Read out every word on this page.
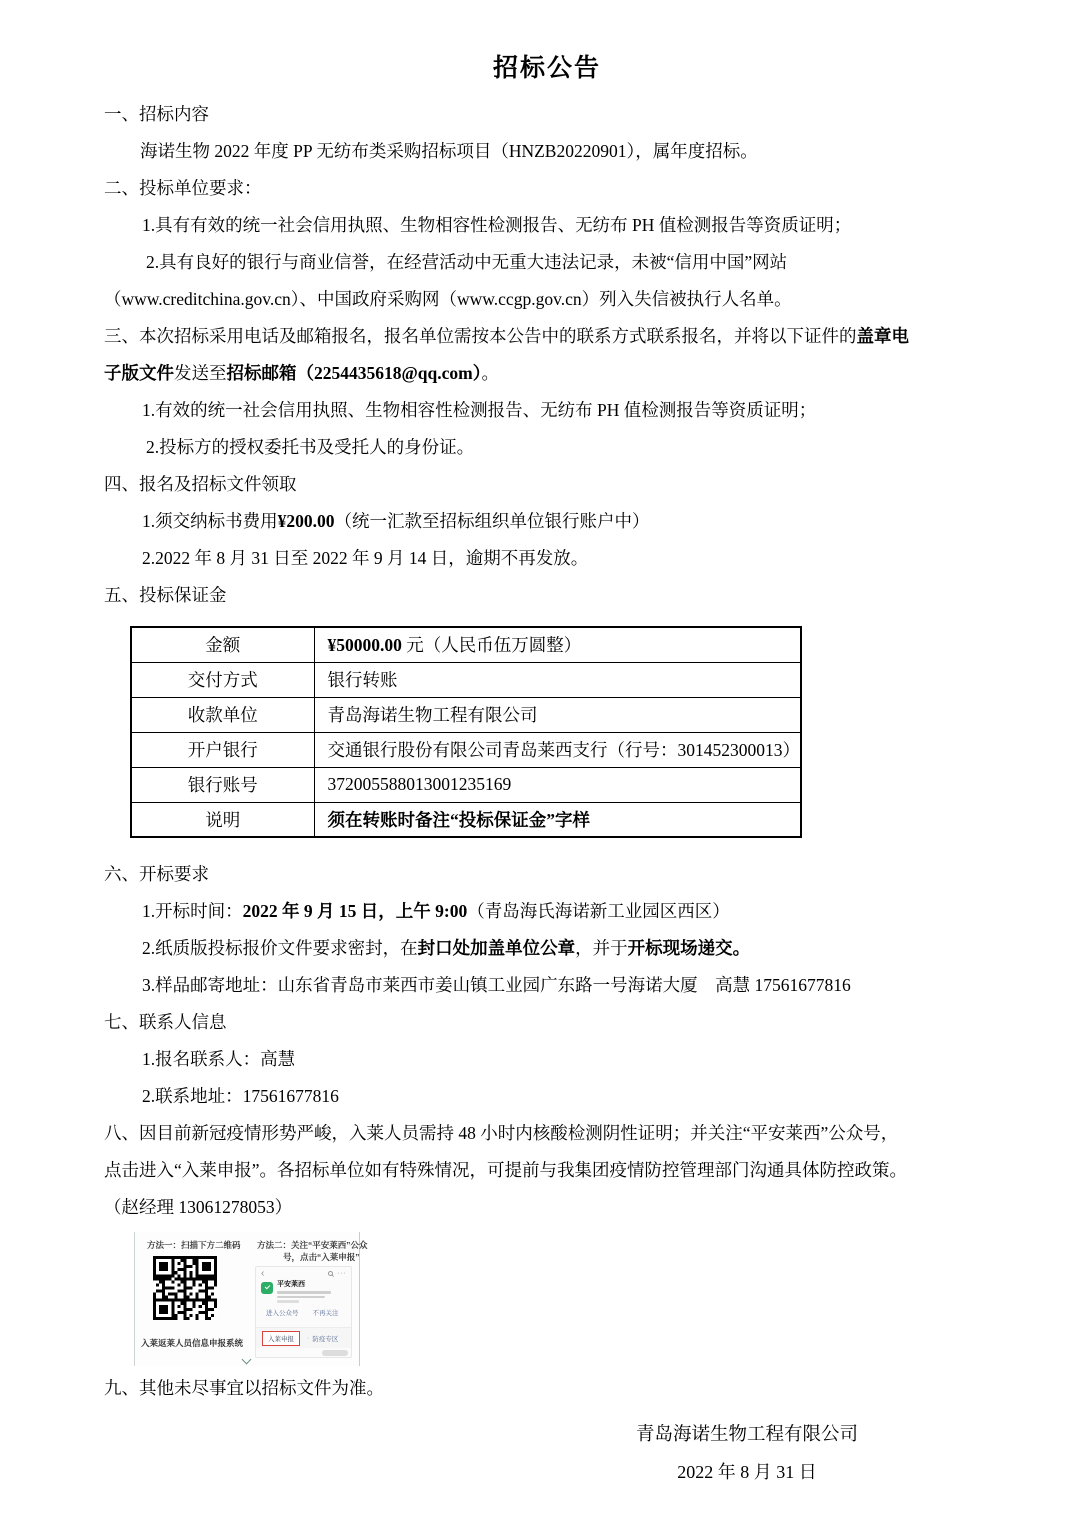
招标公告
一、招标内容
海诺生物 2022 年度 PP 无纺布类采购招标项目（HNZB20220901），属年度招标。
二、投标单位要求：
1.具有有效的统一社会信用执照、生物相容性检测报告、无纺布 PH 值检测报告等资质证明；
2.具有良好的银行与商业信誉，在经营活动中无重大违法记录，未被“信用中国”网站
（www.creditchina.gov.cn）、中国政府采购网（www.ccgp.gov.cn）列入失信被执行人名单。
三、本次招标采用电话及邮箱报名，报名单位需按本公告中的联系方式联系报名，并将以下证件的盖章电
子版文件发送至招标邮箱（2254435618@qq.com）。
1.有效的统一社会信用执照、生物相容性检测报告、无纺布 PH 值检测报告等资质证明；
2.投标方的授权委托书及受托人的身份证。
四、报名及招标文件领取
1.须交纳标书费用¥200.00（统一汇款至招标组织单位银行账户中）
2.2022 年 8 月 31 日至 2022 年 9 月 14 日，逾期不再发放。
五、投标保证金
金额	¥50000.00 元（人民币伍万圆整）
交付方式	银行转账
收款单位	青岛海诺生物工程有限公司
开户银行	交通银行股份有限公司青岛莱西支行（行号：301452300013）
银行账号	372005588013001235169
说明	须在转账时备注“投标保证金”字样
六、开标要求
1.开标时间：2022 年 9 月 15 日，上午 9:00（青岛海氏海诺新工业园区西区）
2.纸质版投标报价文件要求密封，在封口处加盖单位公章，并于开标现场递交。
3.样品邮寄地址：山东省青岛市莱西市姜山镇工业园广东路一号海诺大厦　高慧 17561677816
七、联系人信息
1.报名联系人：高慧
2.联系地址：17561677816
八、因目前新冠疫情形势严峻，入莱人员需持 48 小时内核酸检测阴性证明；并关注“平安莱西”公众号，
点击进入“入莱申报”。各招标单位如有特殊情况，可提前与我集团疫情防控管理部门沟通具体防控政策。
（赵经理 13061278053）
方法一：扫描下方二维码
入莱返莱人员信息申报系统
方法二：关注“平安莱西”公众
号，点击“入莱申报”
‹	···
平安莱西
进入公众号 不再关注
入莱申报	· 防疫专区
九、其他未尽事宜以招标文件为准。
青岛海诺生物工程有限公司
2022 年 8 月 31 日
